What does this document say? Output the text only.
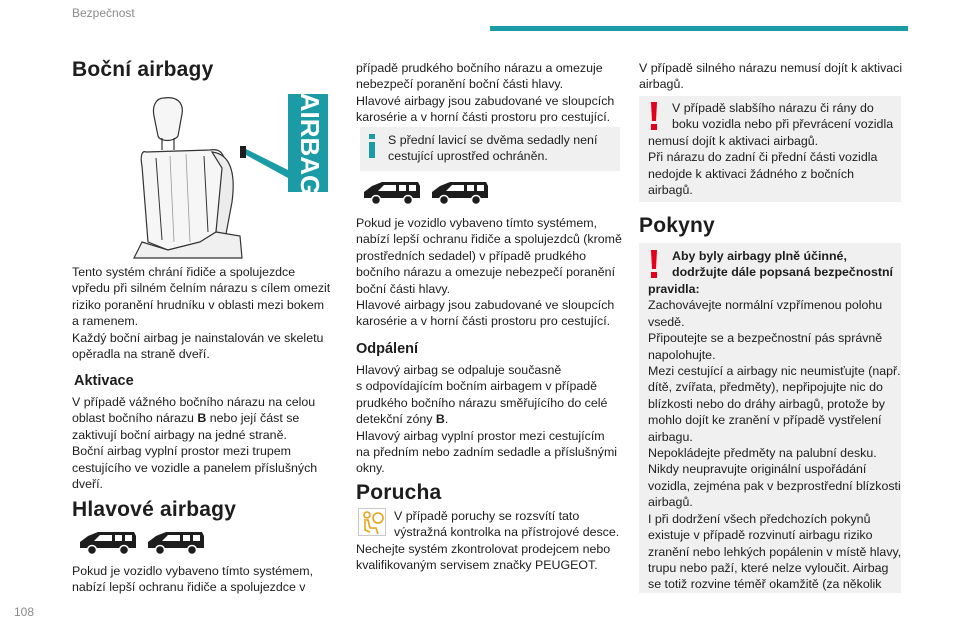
Bezpečnost
108
Boční airbagy
AIRBAG
Tento systém chrání řidiče a spolujezdce
vpředu při silném čelním nárazu s cílem omezit
riziko poranění hrudníku v oblasti mezi bokem
a ramenem.
Každý boční airbag je nainstalován ve skeletu
opěradla na straně dveří.
Aktivace
V případě vážného bočního nárazu na celou
oblast bočního nárazu B nebo její část se
zaktivují boční airbagy na jedné straně.
Boční airbag vyplní prostor mezi trupem
cestujícího ve vozidle a panelem příslušných
dveří.
Hlavové airbagy
Pokud je vozidlo vybaveno tímto systémem,
nabízí lepší ochranu řidiče a spolujezdce v
případě prudkého bočního nárazu a omezuje
nebezpečí poranění boční části hlavy.
Hlavové airbagy jsou zabudované ve sloupcích
karosérie a v horní části prostoru pro cestující.
S přední lavicí se dvěma sedadly není
cestující uprostřed ochráněn.
Pokud je vozidlo vybaveno tímto systémem,
nabízí lepší ochranu řidiče a spolujezdců (kromě
prostředních sedadel) v případě prudkého
bočního nárazu a omezuje nebezpečí poranění
boční části hlavy.
Hlavové airbagy jsou zabudované ve sloupcích
karosérie a v horní části prostoru pro cestující.
Odpálení
Hlavový airbag se odpaluje současně
s odpovídajícím bočním airbagem v případě
prudkého bočního nárazu směřujícího do celé
detekční zóny B.
Hlavový airbag vyplní prostor mezi cestujícím
na předním nebo zadním sedadle a příslušnými
okny.
Porucha
V případě poruchy se rozsvítí tato
výstražná kontrolka na přístrojové desce.
Nechejte systém zkontrolovat prodejcem nebo
kvalifikovaným servisem značky PEUGEOT.
V případě silného nárazu nemusí dojít k aktivaci
airbagů.
V případě slabšího nárazu či rány do
boku vozidla nebo při převrácení vozidla
nemusí dojít k aktivaci airbagů.
Při nárazu do zadní či přední části vozidla
nedojde k aktivaci žádného z bočních
airbagů.
Pokyny
Aby byly airbagy plně účinné,
dodržujte dále popsaná bezpečnostní
pravidla:
Zachovávejte normální vzpřímenou polohu
vsedě.
Připoutejte se a bezpečnostní pás správně
napolohujte.
Mezi cestující a airbagy nic neumisťujte (např.
dítě, zvířata, předměty), nepřipojujte nic do
blízkosti nebo do dráhy airbagů, protože by
mohlo dojít ke zranění v případě vystřelení
airbagu.
Nepokládejte předměty na palubní desku.
Nikdy neupravujte originální uspořádání
vozidla, zejména pak v bezprostřední blízkosti
airbagů.
I při dodržení všech předchozích pokynů
existuje v případě rozvinutí airbagu riziko
zranění nebo lehkých popálenin v místě hlavy,
trupu nebo paží, které nelze vyloučit. Airbag
se totiž rozvine téměř okamžitě (za několik
